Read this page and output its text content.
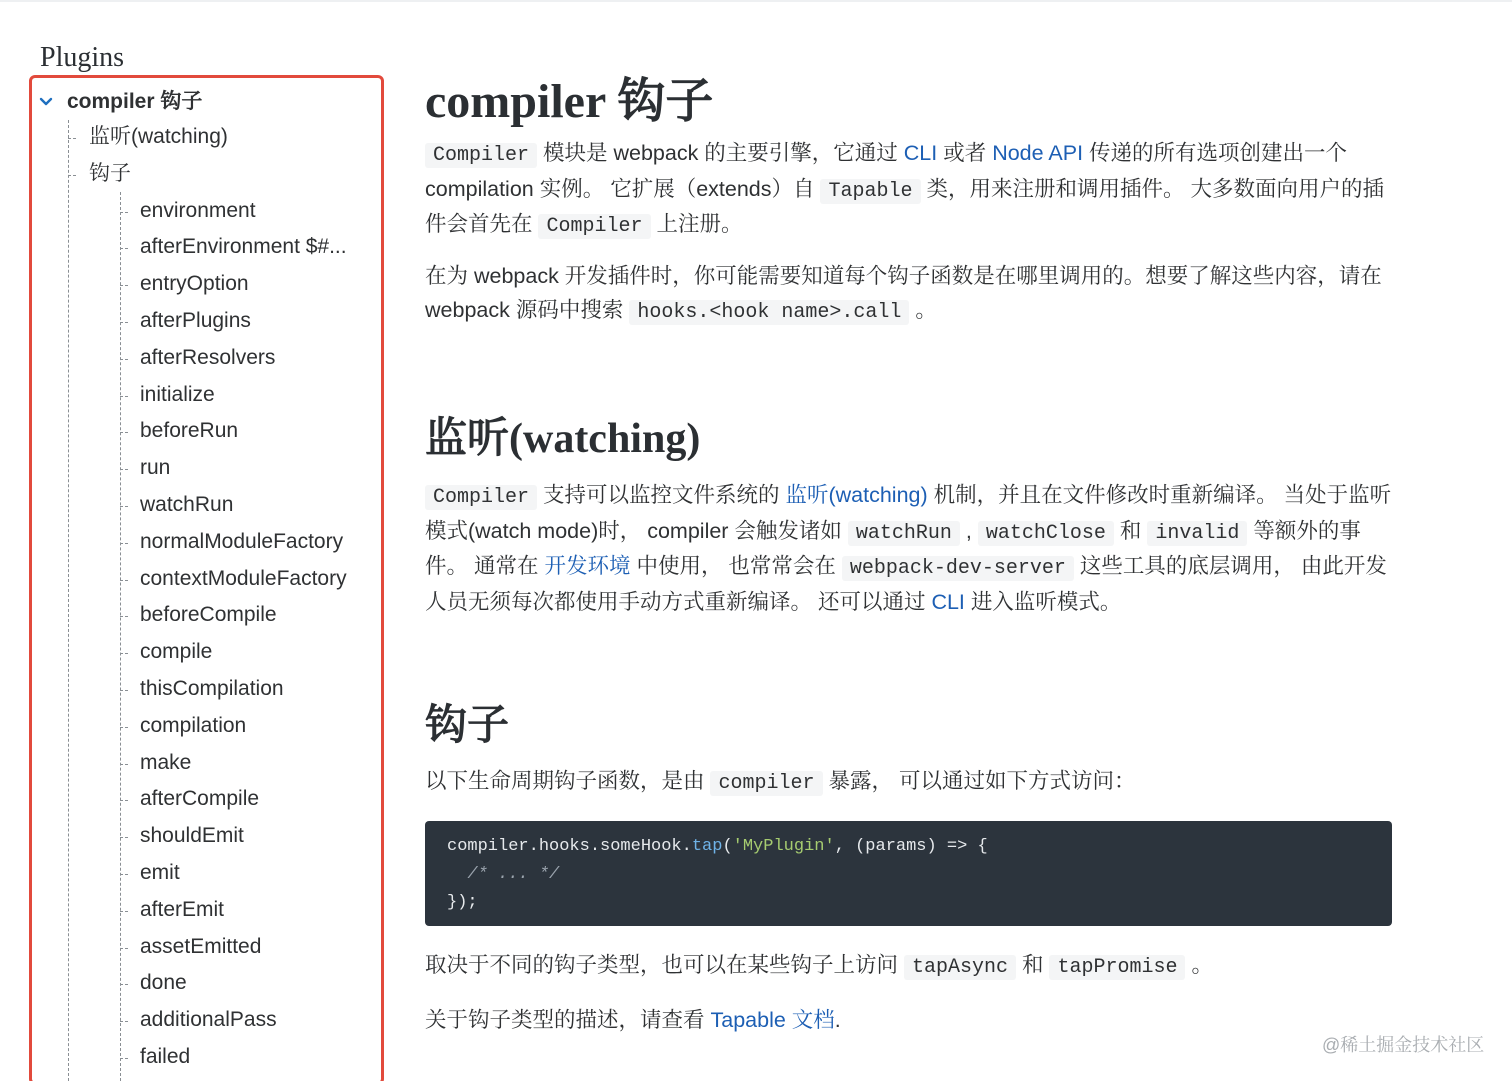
Plugins
compiler 钩子
监听(watching)
钩子
environment
afterEnvironment $#...
entryOption
afterPlugins
afterResolvers
initialize
beforeRun
run
watchRun
normalModuleFactory
contextModuleFactory
beforeCompile
compile
thisCompilation
compilation
make
afterCompile
shouldEmit
emit
afterEmit
assetEmitted
done
additionalPass
failed
compiler 钩子

Compiler 模块是 webpack 的主要引擎，它通过 CLI 或者 Node API 传递的所有选项创建出一个 compilation 实例。 它扩展（extends）自 Tapable 类，用来注册和调用插件。 大多数面向用户的插件会首先在 Compiler 上注册。

在为 webpack 开发插件时，你可能需要知道每个钩子函数是在哪里调用的。想要了解这些内容，请在 webpack 源码中搜索 hooks.<hook name>.call 。

监听(watching)

Compiler 支持可以监控文件系统的 监听(watching) 机制，并且在文件修改时重新编译。 当处于监听模式(watch mode)时， compiler 会触发诸如 watchRun , watchClose 和 invalid 等额外的事件。 通常在 开发环境 中使用， 也常常会在 webpack-dev-server 这些工具的底层调用， 由此开发人员无须每次都使用手动方式重新编译。 还可以通过 CLI 进入监听模式。

钩子

以下生命周期钩子函数，是由 compiler 暴露， 可以通过如下方式访问：

compiler.hooks.someHook.tap('MyPlugin', (params) => {
/* ... */
});

取决于不同的钩子类型，也可以在某些钩子上访问 tapAsync 和 tapPromise 。

关于钩子类型的描述，请查看 Tapable 文档.

@稀土掘金技术社区
